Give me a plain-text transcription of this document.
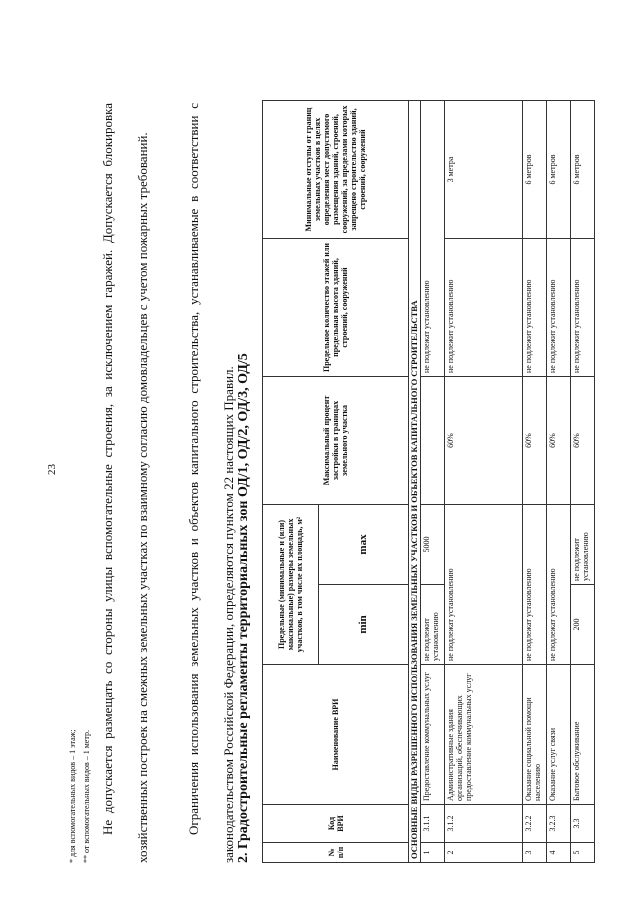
23
* для вспомогательных видов – 1 этаж; ** от вспомогательных видов – 1 метр. Не допускается размещать со стороны улицы вспомогательные строения, за исключением гаражей. Допускается блокировка хозяйственных построек на смежных земельных участках по взаимному согласию домовладельцев с учетом пожарных требований.	Ограничения использования земельных участков и объектов капитального строительства, устанавливаемые в соответствии с законодательством Российской Федерации, определяются пунктом 22 настоящих Правил. 2. Градостроительные регламенты территориальных зон ОД/1, ОД/2, ОД/3, ОД/5	№ п/п	Код ВРИ	Наименование ВРИ	Предельные (минимальные и (или) максимальные) размеры земельных участков, в том числе их площадь, м²		Максимальный процент застройки в границах земельного участка	Предельное количество этажей или предельная высота зданий, строений, сооружений	Минимальные отступы от границ земельных участков в целях определения мест допустимого размещения зданий, строений, сооружений, за пределами которых запрещено строительство зданий, строений, сооружений
			min	max			
ОСНОВНЫЕ ВИДЫ РАЗРЕШЕННОГО ИСПОЛЬЗОВАНИЯ ЗЕМЕЛЬНЫХ УЧАСТКОВ И ОБЪЕКТОВ КАПИТАЛЬНОГО СТРОИТЕЛЬСТВА							
1	3.1.1	Предоставление коммунальных услуг	не подлежит установлению	5000		не подлежат установлению	
2	3.1.2	Административные здания организаций, обеспечивающих предоставление коммунальных услуг	не подлежат установлению		60%	не подлежит установлению	3 метра
3	3.2.2	Оказание социальной помощи населению	не подлежат установлению		60%	не подлежит установлению	6 метров
4	3.2.3	Оказание услуг связи	не подлежат установлению		60%	не подлежит установлению	6 метров
5	3.3	Бытовое обслуживание	200	не подлежит установлению	60%	не подлежит установлению	6 метров
